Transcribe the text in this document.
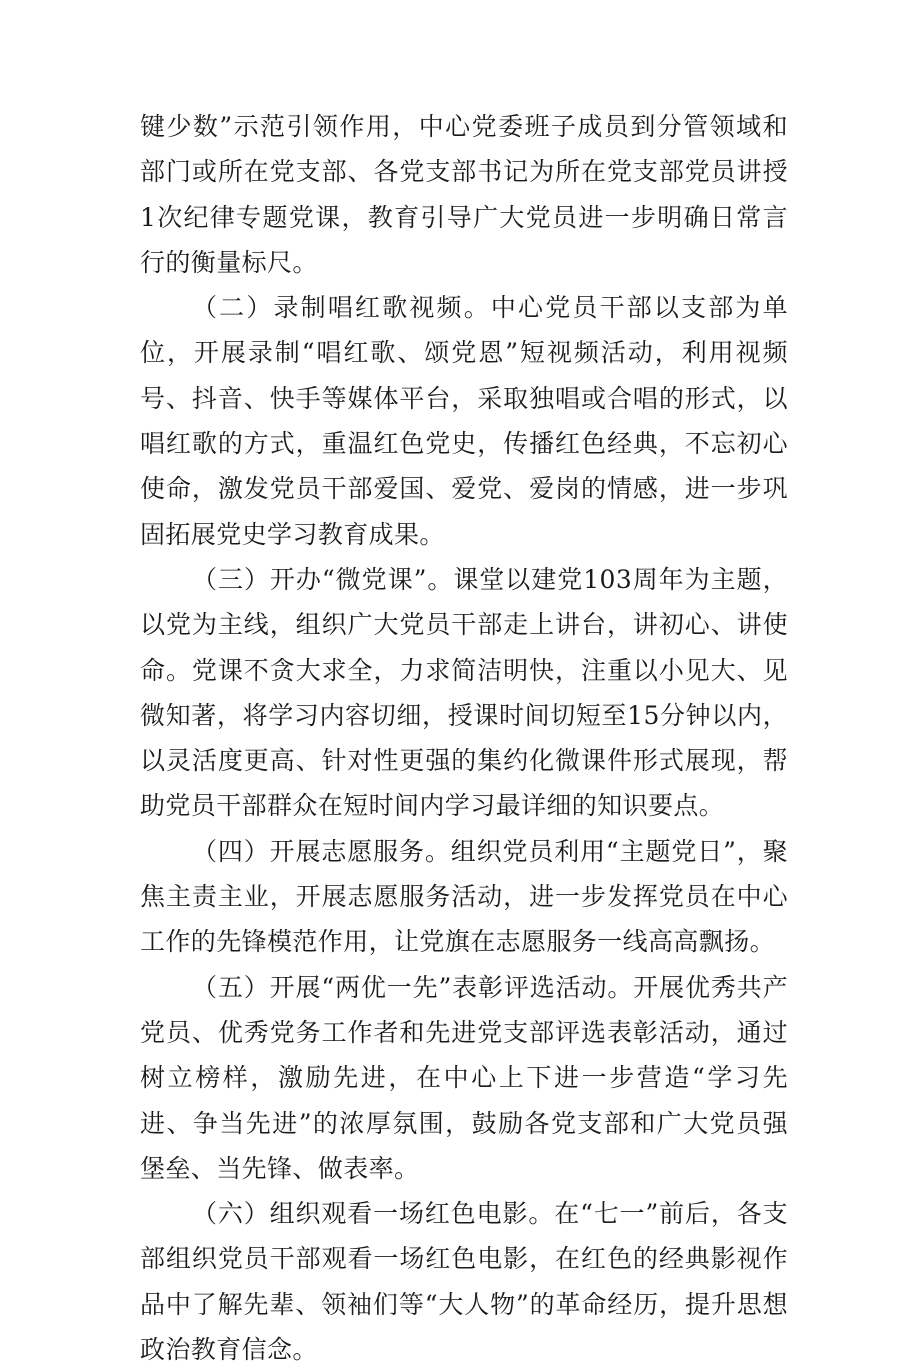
键少数”示范引领作用，中心党委班子成员到分管领域和部门或所在党支部、各党支部书记为所在党支部党员讲授1次纪律专题党课，教育引导广大党员进一步明确日常言行的衡量标尺。

（二）录制唱红歌视频。中心党员干部以支部为单位，开展录制“唱红歌、颂党恩”短视频活动，利用视频号、抖音、快手等媒体平台，采取独唱或合唱的形式，以唱红歌的方式，重温红色党史，传播红色经典，不忘初心使命，激发党员干部爱国、爱党、爱岗的情感，进一步巩固拓展党史学习教育成果。

（三）开办“微党课”。课堂以建党103周年为主题，以党为主线，组织广大党员干部走上讲台，讲初心、讲使命。党课不贪大求全，力求简洁明快，注重以小见大、见微知著，将学习内容切细，授课时间切短至15分钟以内，以灵活度更高、针对性更强的集约化微课件形式展现，帮助党员干部群众在短时间内学习最详细的知识要点。

（四）开展志愿服务。组织党员利用“主题党日”，聚焦主责主业，开展志愿服务活动，进一步发挥党员在中心工作的先锋模范作用，让党旗在志愿服务一线高高飘扬。

（五）开展“两优一先”表彰评选活动。开展优秀共产党员、优秀党务工作者和先进党支部评选表彰活动，通过树立榜样，激励先进，在中心上下进一步营造“学习先进、争当先进”的浓厚氛围，鼓励各党支部和广大党员强堡垒、当先锋、做表率。

（六）组织观看一场红色电影。在“七一”前后，各支部组织党员干部观看一场红色电影，在红色的经典影视作品中了解先辈、领袖们等“大人物”的革命经历，提升思想政治教育信念。
